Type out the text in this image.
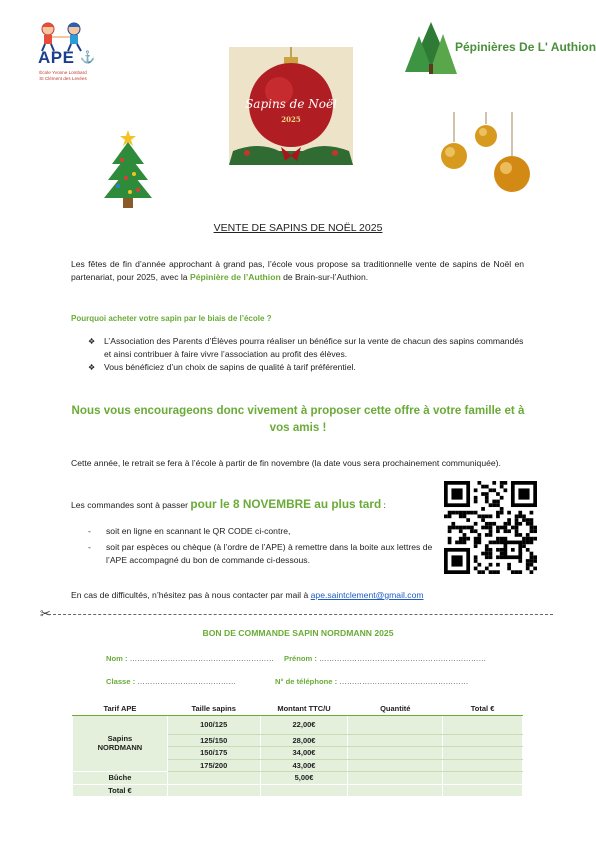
APE ⚓
École Yvonne Lombard
St Clément des Levées
Pépinières De L' Authion
Sapins de Noël
2025
VENTE DE SAPINS DE NOËL 2025
Les fêtes de fin d’année approchant à grand pas, l’école vous propose sa traditionnelle vente de sapins de Noël en partenariat, pour 2025, avec la Pépinière de l’Authion de Brain-sur-l’Authion.
Pourquoi acheter votre sapin par le biais de l’école ?
❖ L’Association des Parents d’Élèves pourra réaliser un bénéfice sur la vente de chacun des sapins commandés et ainsi contribuer à faire vivre l’association au profit des élèves.
❖ Vous bénéficiez d’un choix de sapins de qualité à tarif préférentiel.
Nous vous encourageons donc vivement à proposer cette offre à votre famille et à vos amis !
Cette année, le retrait se fera à l’école à partir de fin novembre (la date vous sera prochainement communiquée).
Les commandes sont à passer pour le 8 NOVEMBRE au plus tard :
- soit en ligne en scannant le QR CODE ci-contre,
- soit par espèces ou chèque (à l’ordre de l’APE) à remettre dans la boite aux lettres de l’APE accompagné du bon de commande ci-dessous.
En cas de difficultés, n’hésitez pas à nous contacter par mail à ape.saintclement@gmail.com
✂
BON DE COMMANDE SAPIN NORDMANN 2025
Nom : ………………………………………………… Prénom : …………………………………………………………
Classe : …………………………………	N° de téléphone : ……………………………………………
Tarif APE	Taille sapins	Montant TTC/U	Quantité	Total €

Sapins
NORDMANN	100/125	22,00€		
	125/150	28,00€		
	150/175	34,00€		
	175/200	43,00€		
Bûche		5,00€		
Total €				
